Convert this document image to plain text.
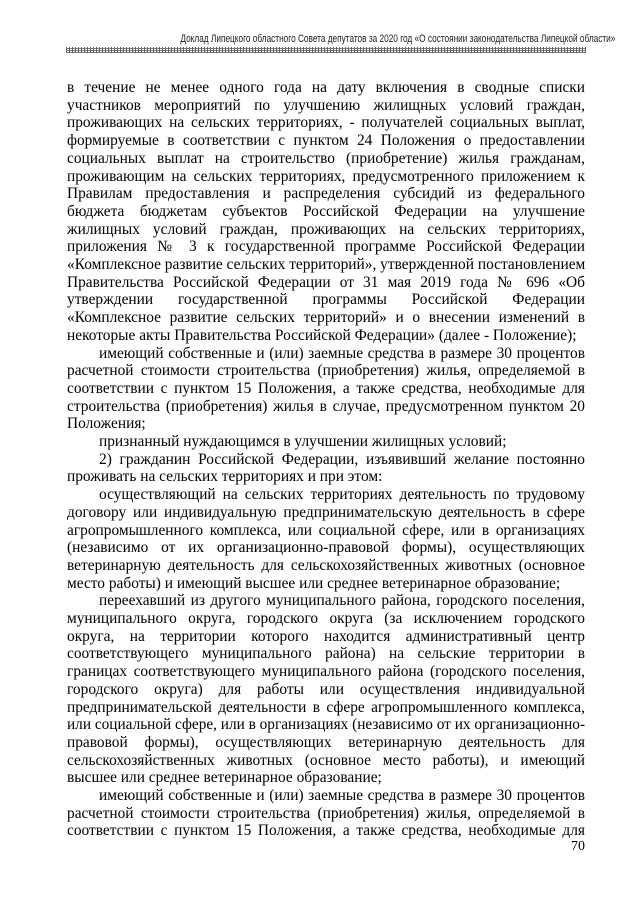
Доклад Липецкого областного Совета депутатов за 2020 год «О состоянии законодательства Липецкой области»
в течение не менее одного года на дату включения в сводные списки
участников мероприятий по улучшению жилищных условий граждан,
проживающих на сельских территориях, - получателей социальных выплат,
формируемые в соответствии с пунктом 24 Положения о предоставлении
социальных выплат на строительство (приобретение) жилья гражданам,
проживающим на сельских территориях, предусмотренного приложением к
Правилам предоставления и распределения субсидий из федерального
бюджета бюджетам субъектов Российской Федерации на улучшение
жилищных условий граждан, проживающих на сельских территориях,
приложения № 3 к государственной программе Российской Федерации
«Комплексное развитие сельских территорий», утвержденной постановлением
Правительства Российской Федерации от 31 мая 2019 года № 696 «Об
утверждении государственной программы Российской Федерации
«Комплексное развитие сельских территорий» и о внесении изменений в
некоторые акты Правительства Российской Федерации» (далее - Положение);
имеющий собственные и (или) заемные средства в размере 30 процентов
расчетной стоимости строительства (приобретения) жилья, определяемой в
соответствии с пунктом 15 Положения, а также средства, необходимые для
строительства (приобретения) жилья в случае, предусмотренном пунктом 20
Положения;
признанный нуждающимся в улучшении жилищных условий;
2) гражданин Российской Федерации, изъявивший желание постоянно
проживать на сельских территориях и при этом:
осуществляющий на сельских территориях деятельность по трудовому
договору или индивидуальную предпринимательскую деятельность в сфере
агропромышленного комплекса, или социальной сфере, или в организациях
(независимо от их организационно-правовой формы), осуществляющих
ветеринарную деятельность для сельскохозяйственных животных (основное
место работы) и имеющий высшее или среднее ветеринарное образование;
переехавший из другого муниципального района, городского поселения,
муниципального округа, городского округа (за исключением городского
округа, на территории которого находится административный центр
соответствующего муниципального района) на сельские территории в
границах соответствующего муниципального района (городского поселения,
городского округа) для работы или осуществления индивидуальной
предпринимательской деятельности в сфере агропромышленного комплекса,
или социальной сфере, или в организациях (независимо от их организационно-
правовой формы), осуществляющих ветеринарную деятельность для
сельскохозяйственных животных (основное место работы), и имеющий
высшее или среднее ветеринарное образование;
имеющий собственные и (или) заемные средства в размере 30 процентов
расчетной стоимости строительства (приобретения) жилья, определяемой в
соответствии с пунктом 15 Положения, а также средства, необходимые для
70
